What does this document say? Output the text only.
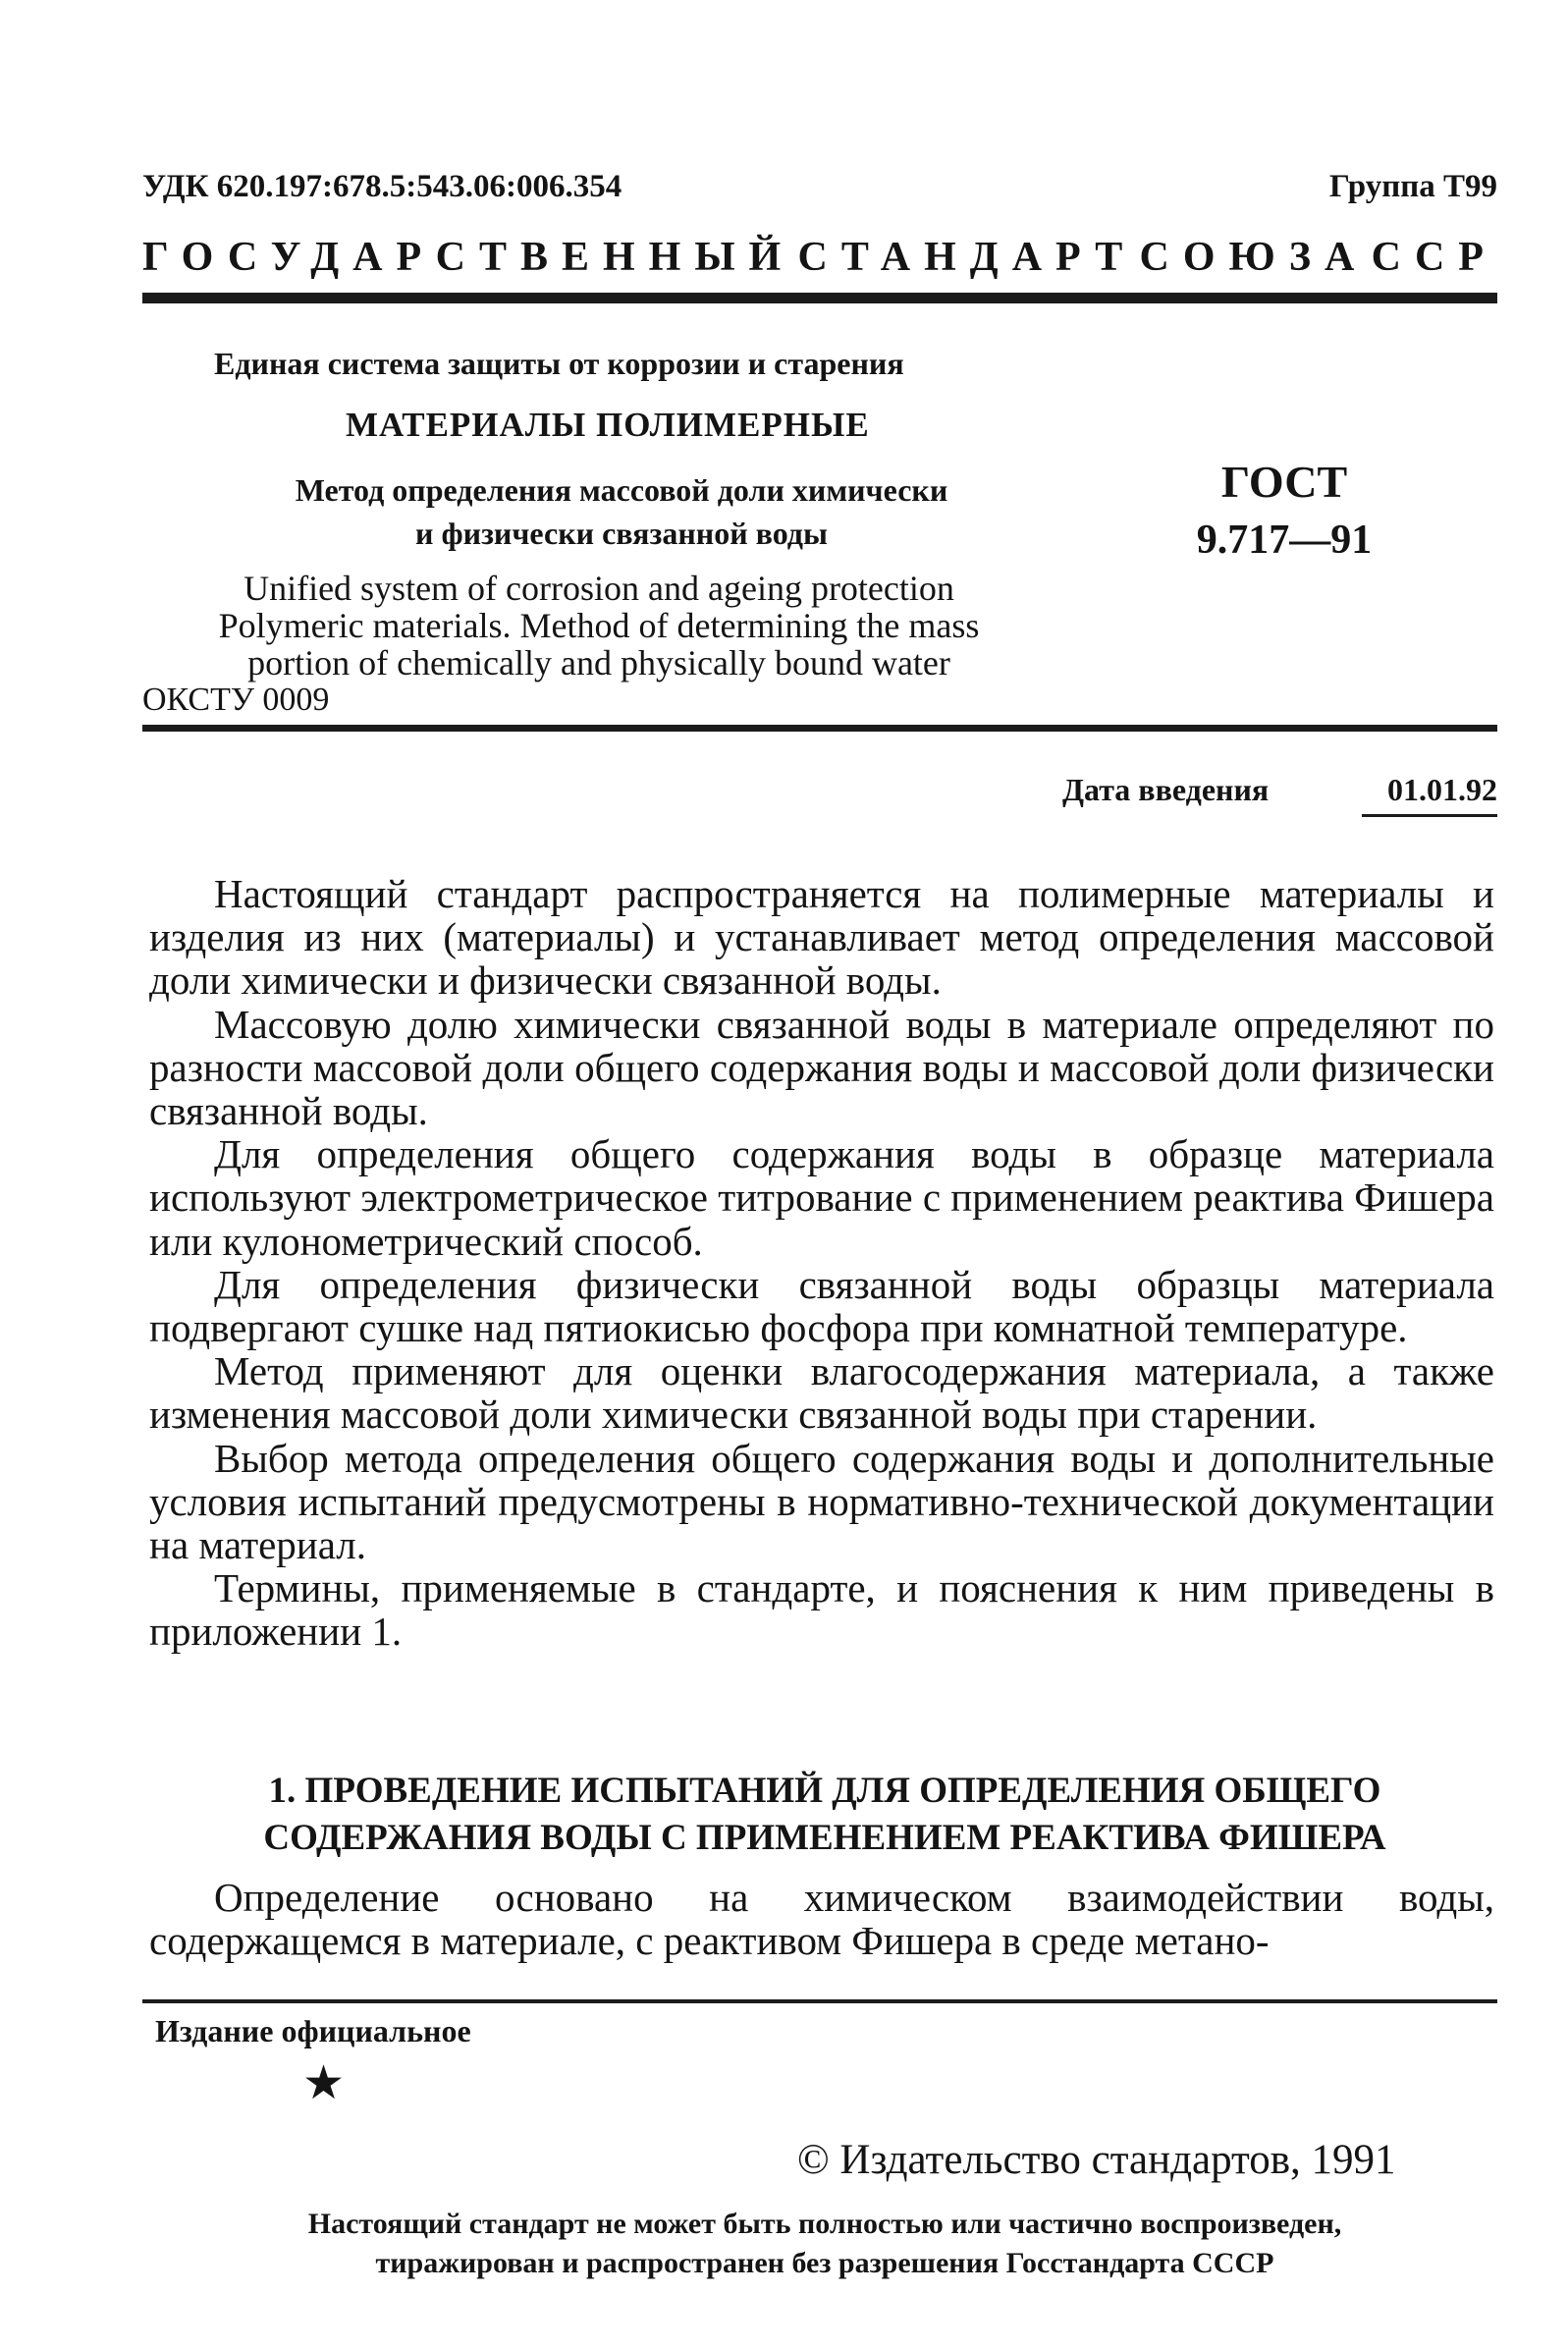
УДК 620.197:678.5:543.06:006.354	Группа Т99
ГОСУДАРСТВЕННЫЙ СТАНДАРТ СОЮЗА ССР
Единая система защиты от коррозии и старения
МАТЕРИАЛЫ ПОЛИМЕРНЫЕ
Метод определения массовой доли химически
и физически связанной воды
ГОСТ
9.717—91
Unified system of corrosion and ageing protection
Polymeric materials. Method of determining the mass
portion of chemically and physically bound water
ОКСТУ 0009
Дата введения	01.01.92

Настоящий стандарт распространяется на полимерные материалы и изделия из них (материалы) и устанавливает метод определения массовой доли химически и физически связанной воды.

Массовую долю химически связанной воды в материале определяют по разности массовой доли общего содержания воды и массовой доли физически связанной воды.

Для определения общего содержания воды в образце материала используют электрометрическое титрование с применением реактива Фишера или кулонометрический способ.

Для определения физически связанной воды образцы материала подвергают сушке над пятиокисью фосфора при комнатной температуре.

Метод применяют для оценки влагосодержания материала, а также изменения массовой доли химически связанной воды при старении.

Выбор метода определения общего содержания воды и дополнительные условия испытаний предусмотрены в нормативно-технической документации на материал.

Термины, применяемые в стандарте, и пояснения к ним приведены в приложении 1.

1. ПРОВЕДЕНИЕ ИСПЫТАНИЙ ДЛЯ ОПРЕДЕЛЕНИЯ ОБЩЕГО
СОДЕРЖАНИЯ ВОДЫ С ПРИМЕНЕНИЕМ РЕАКТИВА ФИШЕРА

Определение основано на химическом взаимодействии воды, содержащемся в материале, с реактивом Фишера в среде метано-

Издание официальное
★
© Издательство стандартов, 1991
Настоящий стандарт не может быть полностью или частично воспроизведен,
тиражирован и распространен без разрешения Госстандарта СССР
